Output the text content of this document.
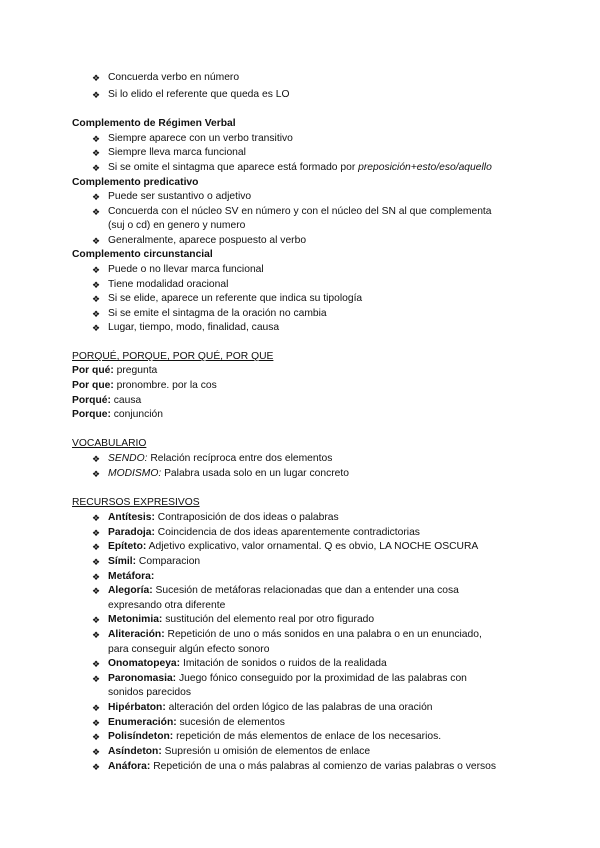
❖ Concuerda verbo en número
❖ Si lo elido el referente que queda es LO
Complemento de Régimen Verbal
❖ Siempre aparece con un verbo transitivo
❖ Siempre lleva marca funcional
❖ Si se omite el sintagma que aparece está formado por preposición+esto/eso/aquello
Complemento predicativo
❖ Puede ser sustantivo o adjetivo
❖ Concuerda con el núcleo SV en número y con el núcleo del SN al que complementa
(suj o cd) en genero y numero
❖ Generalmente, aparece pospuesto al verbo
Complemento circunstancial
❖ Puede o no llevar marca funcional
❖ Tiene modalidad oracional
❖ Si se elide, aparece un referente que indica su tipología
❖ Si se emite el sintagma de la oración no cambia
❖ Lugar, tiempo, modo, finalidad, causa
PORQUÉ, PORQUE, POR QUÉ, POR QUE
Por qué: pregunta
Por que: pronombre. por la cos
Porqué: causa
Porque: conjunción
VOCABULARIO
❖ SENDO: Relación recíproca entre dos elementos
❖ MODISMO: Palabra usada solo en un lugar concreto
RECURSOS EXPRESIVOS
❖ Antítesis: Contraposición de dos ideas o palabras
❖ Paradoja: Coincidencia de dos ideas aparentemente contradictorias
❖ Epíteto: Adjetivo explicativo, valor ornamental. Q es obvio, LA NOCHE OSCURA
❖ Símil: Comparacion
❖ Metáfora:
❖ Alegoría: Sucesión de metáforas relacionadas que dan a entender una cosa
expresando otra diferente
❖ Metonimia: sustitución del elemento real por otro figurado
❖ Aliteración: Repetición de uno o más sonidos en una palabra o en un enunciado,
para conseguir algún efecto sonoro
❖ Onomatopeya: Imitación de sonidos o ruidos de la realidada
❖ Paronomasia: Juego fónico conseguido por la proximidad de las palabras con
sonidos parecidos
❖ Hipérbaton: alteración del orden lógico de las palabras de una oración
❖ Enumeración: sucesión de elementos
❖ Polisíndeton: repetición de más elementos de enlace de los necesarios.
❖ Asíndeton: Supresión u omisión de elementos de enlace
❖ Anáfora: Repetición de una o más palabras al comienzo de varias palabras o versos
